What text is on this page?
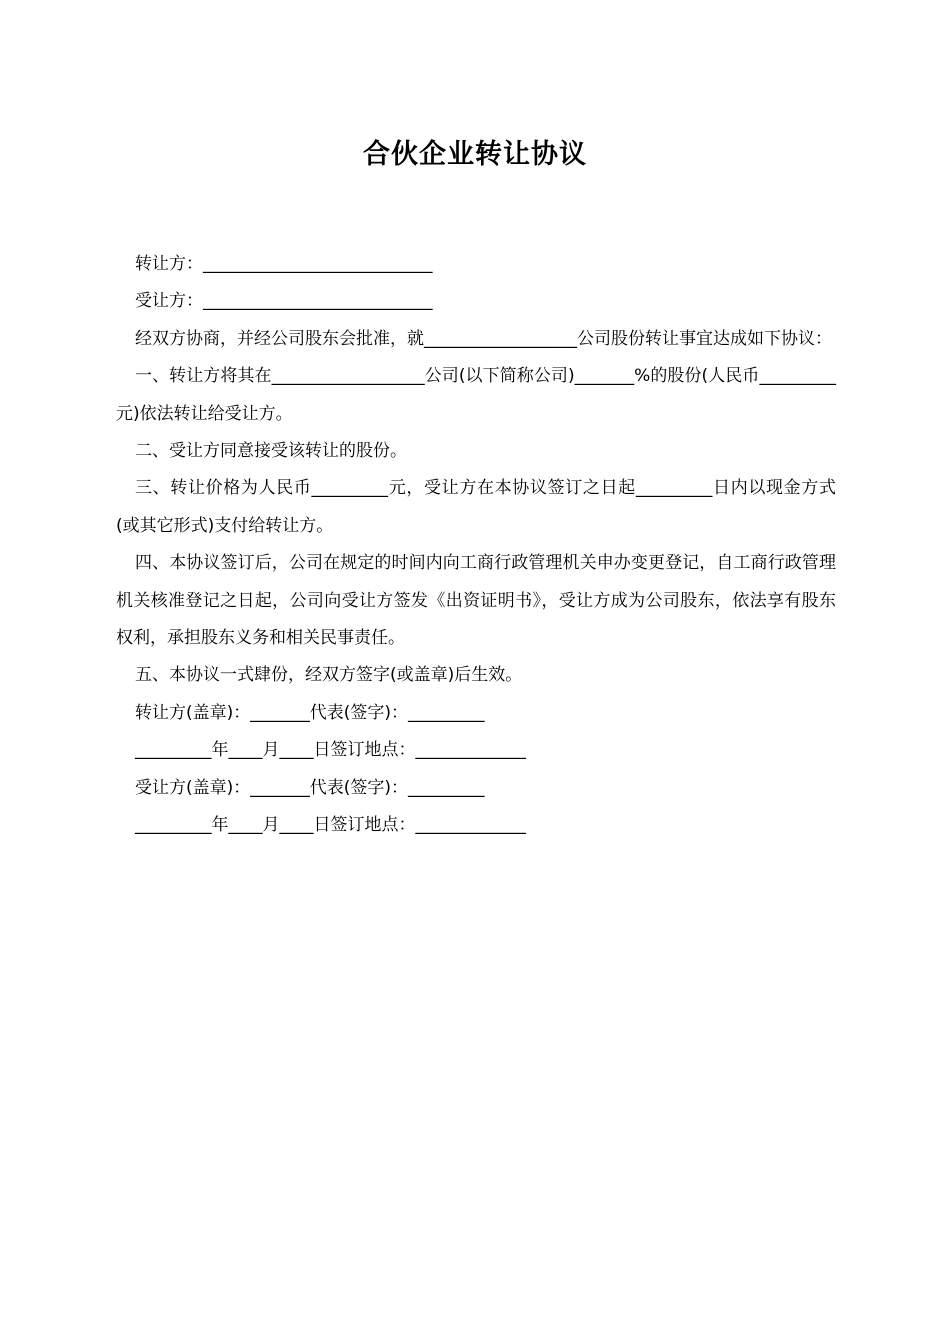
合伙企业转让协议

转让方：___________________________

受让方：___________________________

经双方协商，并经公司股东会批准，就__________________公司股份转让事宜达成如下协议：

一、转让方将其在__________________公司(以下简称公司)_______%的股份(人民币_________元)依法转让给受让方。

二、受让方同意接受该转让的股份。

三、转让价格为人民币_________元，受让方在本协议签订之日起_________日内以现金方式(或其它形式)支付给转让方。

四、本协议签订后，公司在规定的时间内向工商行政管理机关申办变更登记，自工商行政管理机关核准登记之日起，公司向受让方签发《出资证明书》，受让方成为公司股东，依法享有股东权利，承担股东义务和相关民事责任。

五、本协议一式肆份，经双方签字(或盖章)后生效。

转让方(盖章)：_______代表(签字)：_________

_________年____月____日签订地点：_____________

受让方(盖章)：_______代表(签字)：_________

_________年____月____日签订地点：_____________
